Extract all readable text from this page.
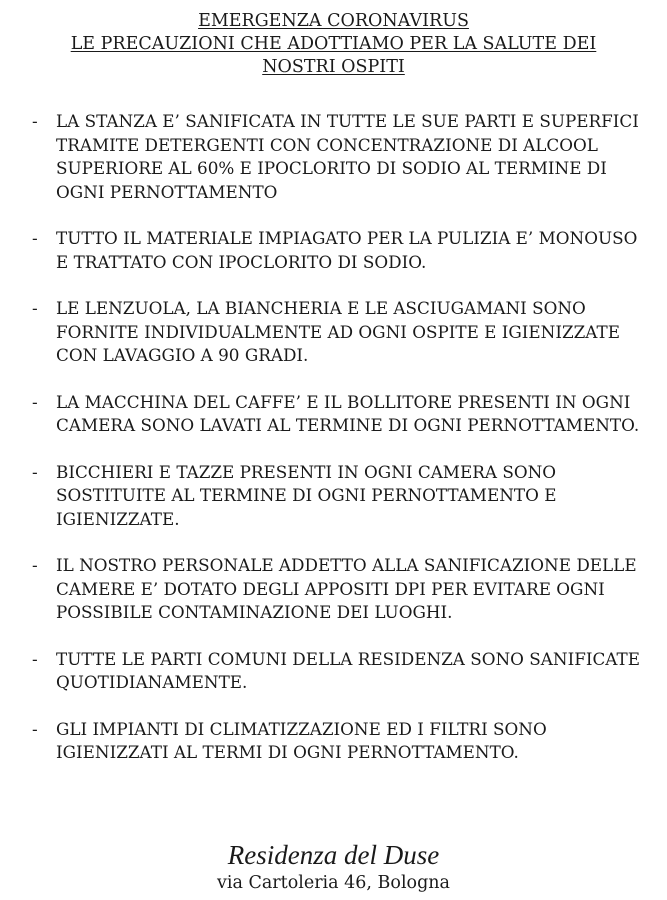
EMERGENZA CORONAVIRUS
LE PRECAUZIONI CHE ADOTTIAMO PER LA SALUTE DEI
NOSTRI OSPITI
- LA STANZA E’ SANIFICATA IN TUTTE LE SUE PARTI E SUPERFICI TRAMITE DETERGENTI CON CONCENTRAZIONE DI ALCOOL SUPERIORE AL 60% E IPOCLORITO DI SODIO AL TERMINE DI OGNI PERNOTTAMENTO
- TUTTO IL MATERIALE IMPIAGATO PER LA PULIZIA E’ MONOUSO E TRATTATO CON IPOCLORITO DI SODIO.
- LE LENZUOLA, LA BIANCHERIA E LE ASCIUGAMANI SONO FORNITE INDIVIDUALMENTE AD OGNI OSPITE E IGIENIZZATE CON LAVAGGIO A 90 GRADI.
- LA MACCHINA DEL CAFFE’ E IL BOLLITORE PRESENTI IN OGNI CAMERA SONO LAVATI AL TERMINE DI OGNI PERNOTTAMENTO.
- BICCHIERI E TAZZE PRESENTI IN OGNI CAMERA SONO SOSTITUITE AL TERMINE DI OGNI PERNOTTAMENTO E IGIENIZZATE.
- IL NOSTRO PERSONALE ADDETTO ALLA SANIFICAZIONE DELLE CAMERE E’ DOTATO DEGLI APPOSITI DPI PER EVITARE OGNI POSSIBILE CONTAMINAZIONE DEI LUOGHI.
- TUTTE LE PARTI COMUNI DELLA RESIDENZA SONO SANIFICATE QUOTIDIANAMENTE.
- GLI IMPIANTI DI CLIMATIZZAZIONE ED I FILTRI SONO IGIENIZZATI AL TERMI DI OGNI PERNOTTAMENTO.
Residenza del Duse
via Cartoleria 46, Bologna
